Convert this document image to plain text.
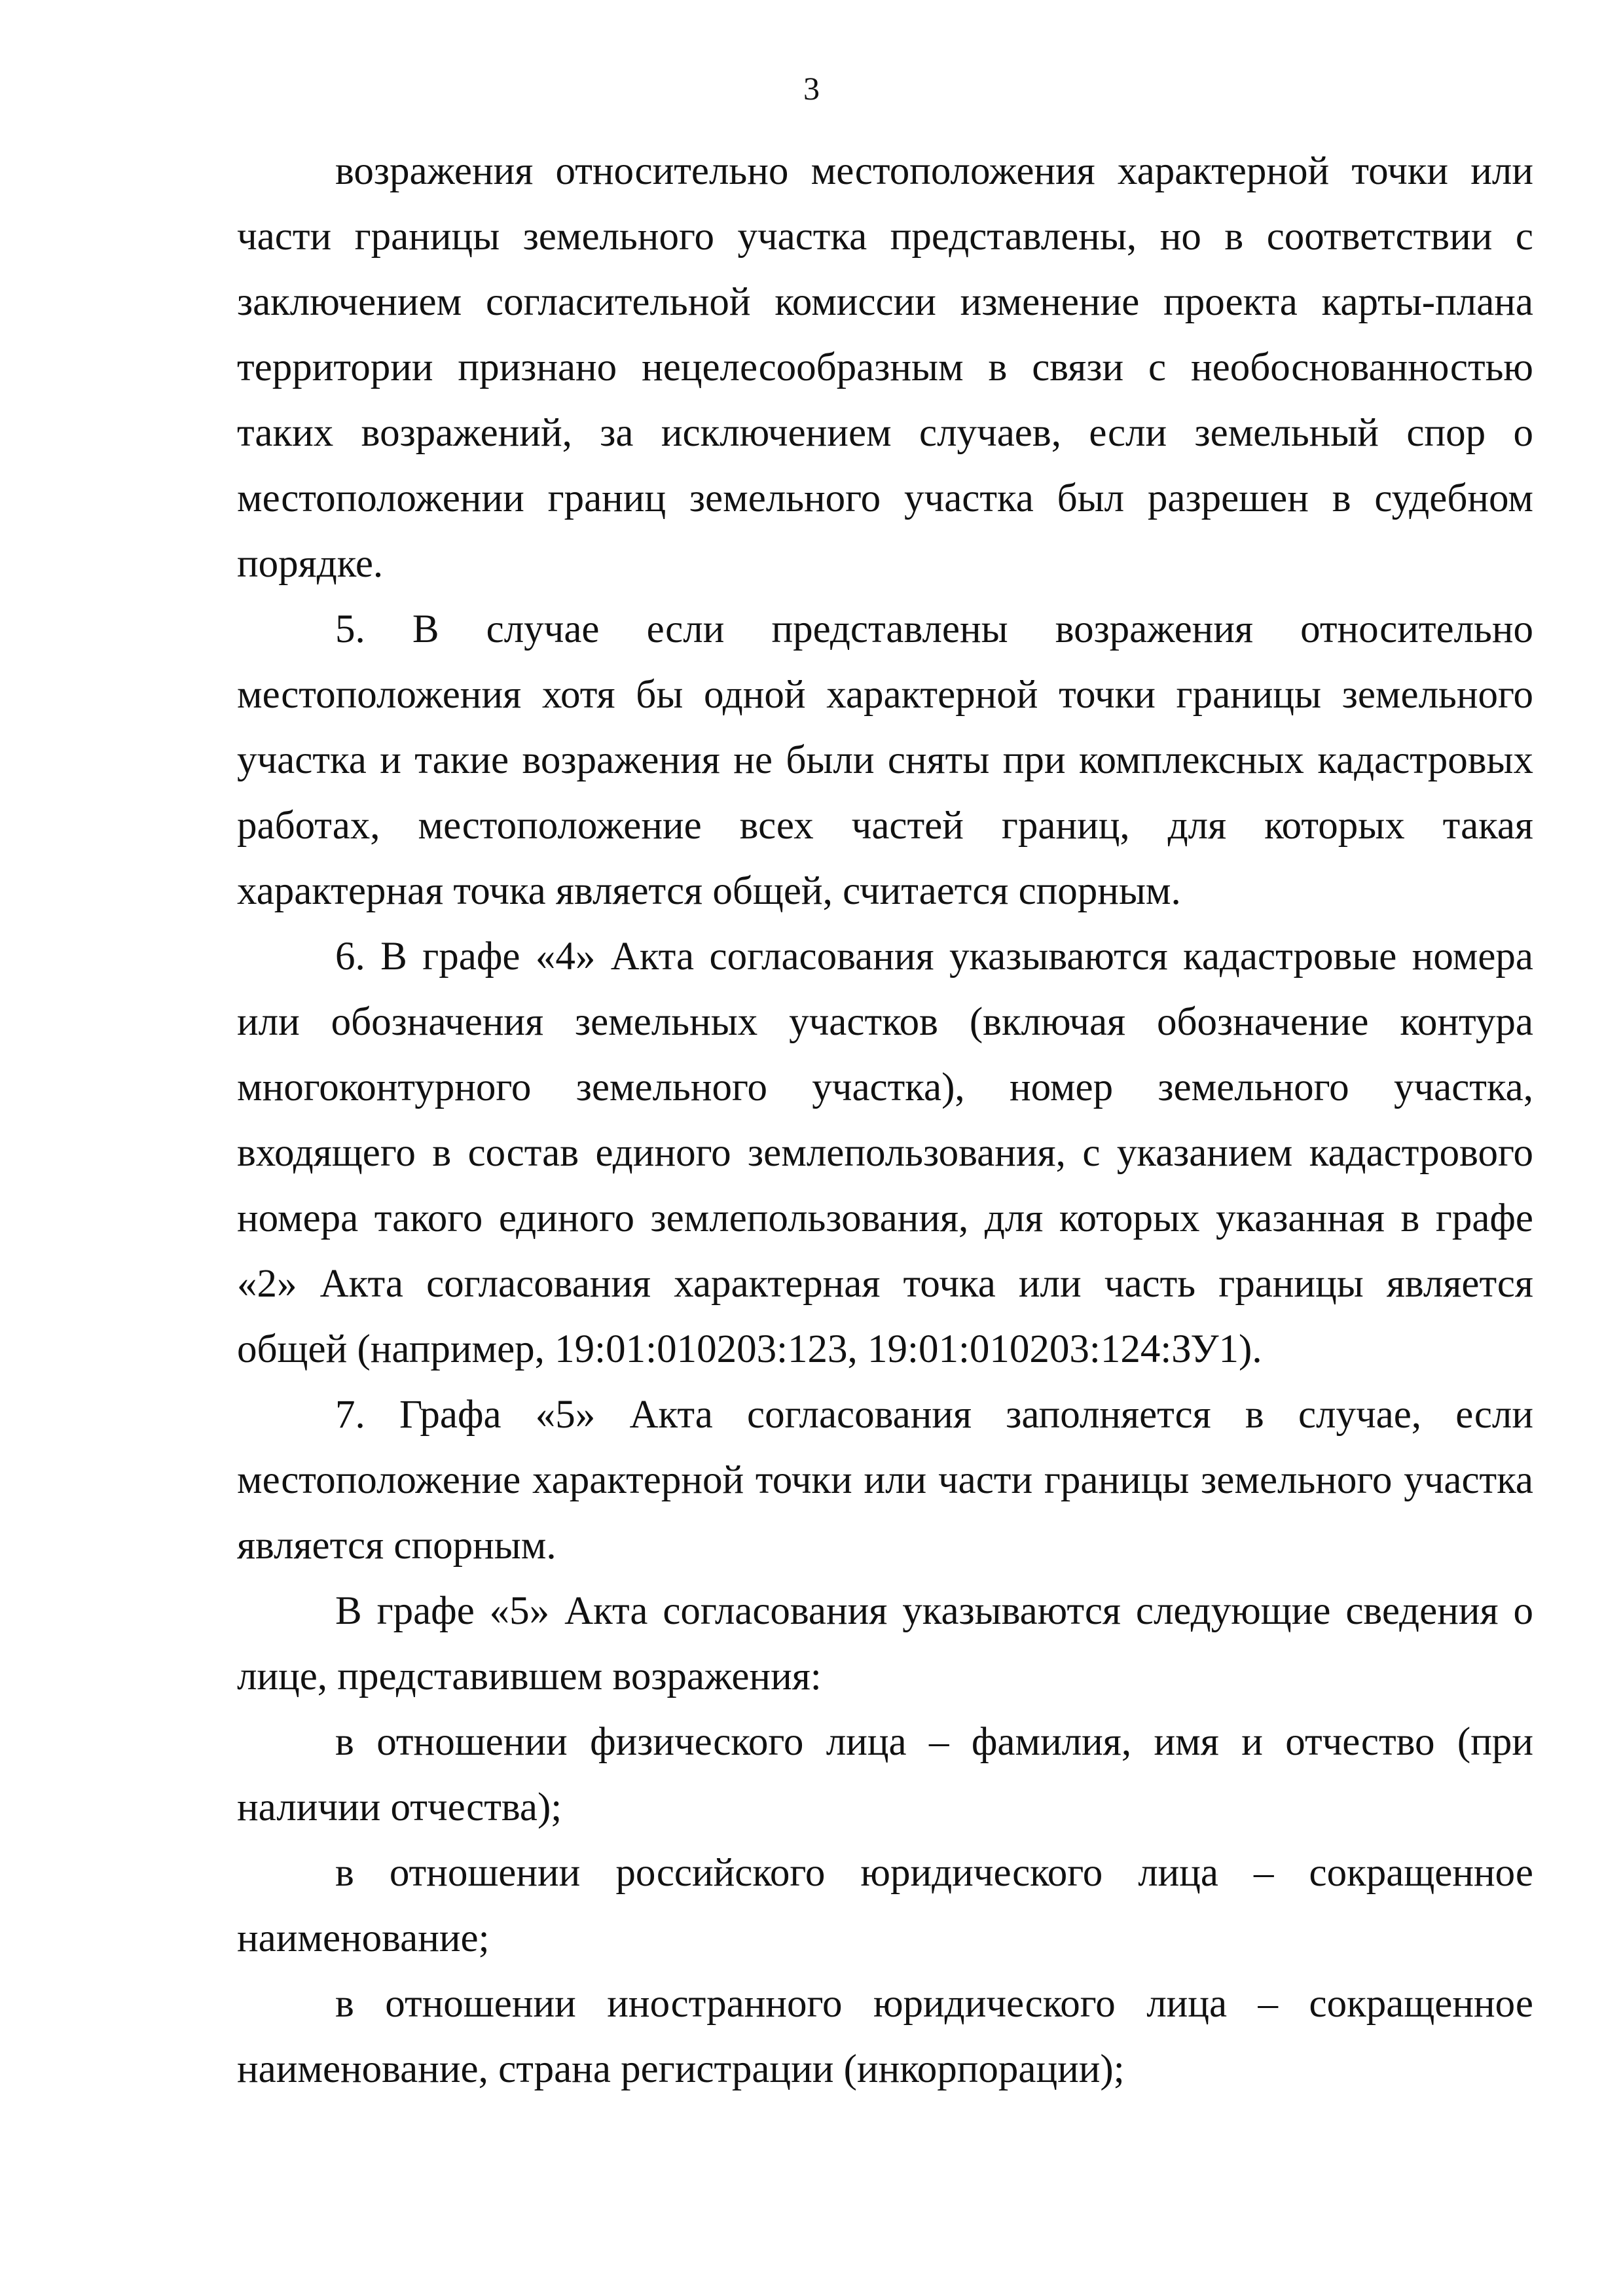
3

возражения относительно местоположения характерной точки или части границы земельного участка представлены, но в соответствии с заключением согласительной комиссии изменение проекта карты-плана территории признано нецелесообразным в связи с необоснованностью таких возражений, за исключением случаев, если земельный спор о местоположении границ земельного участка был разрешен в судебном порядке.

5. В случае если представлены возражения относительно местоположения хотя бы одной характерной точки границы земельного участка и такие возражения не были сняты при комплексных кадастровых работах, местоположение всех частей границ, для которых такая характерная точка является общей, считается спорным.

6. В графе «4» Акта согласования указываются кадастровые номера или обозначения земельных участков (включая обозначение контура многоконтурного земельного участка), номер земельного участка, входящего в состав единого землепользования, с указанием кадастрового номера такого единого землепользования, для которых указанная в графе «2» Акта согласования характерная точка или часть границы является общей (например, 19:01:010203:123, 19:01:010203:124:ЗУ1).

7. Графа «5» Акта согласования заполняется в случае, если местоположение характерной точки или части границы земельного участка является спорным.

В графе «5» Акта согласования указываются следующие сведения о лице, представившем возражения:

в отношении физического лица – фамилия, имя и отчество (при наличии отчества);

в отношении российского юридического лица – сокращенное наименование;

в отношении иностранного юридического лица – сокращенное наименование, страна регистрации (инкорпорации);
